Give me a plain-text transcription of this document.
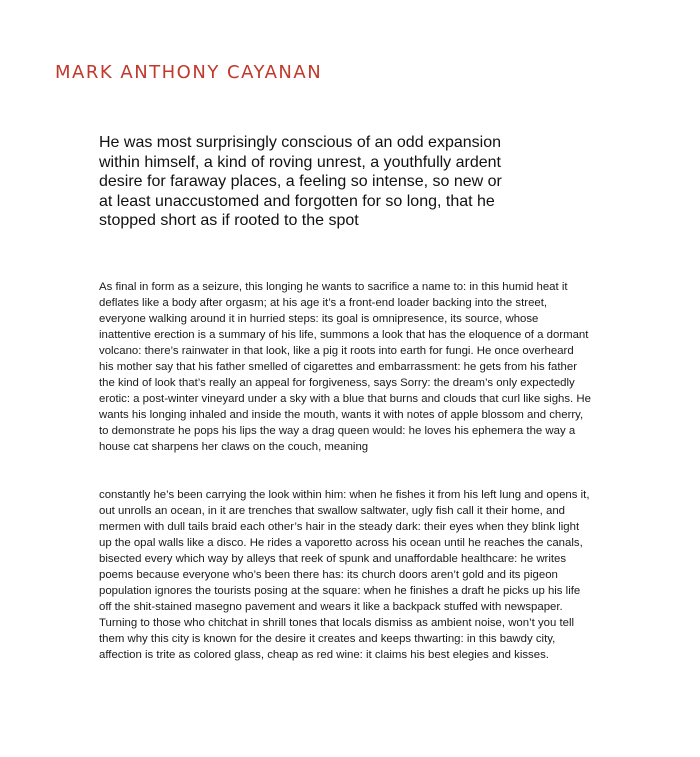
MARK ANTHONY CAYANAN
He was most surprisingly conscious of an odd expansion within himself, a kind of roving unrest, a youthfully ardent desire for faraway places, a feeling so intense, so new or at least unaccustomed and forgotten for so long, that he stopped short as if rooted to the spot
As final in form as a seizure, this longing he wants to sacrifice a name to: in this humid heat it deflates like a body after orgasm; at his age it’s a front-end loader backing into the street, everyone walking around it in hurried steps: its goal is omnipresence, its source, whose inattentive erection is a summary of his life, summons a look that has the eloquence of a dormant volcano: there’s rainwater in that look, like a pig it roots into earth for fungi. He once overheard his mother say that his father smelled of cigarettes and embarrassment: he gets from his father the kind of look that’s really an appeal for forgiveness, says Sorry: the dream’s only expectedly erotic: a post-winter vineyard under a sky with a blue that burns and clouds that curl like sighs. He wants his longing inhaled and inside the mouth, wants it with notes of apple blossom and cherry, to demonstrate he pops his lips the way a drag queen would: he loves his ephemera the way a house cat sharpens her claws on the couch, meaning
constantly he’s been carrying the look within him: when he fishes it from his left lung and opens it, out unrolls an ocean, in it are trenches that swallow saltwater, ugly fish call it their home, and mermen with dull tails braid each other’s hair in the steady dark: their eyes when they blink light up the opal walls like a disco. He rides a vaporetto across his ocean until he reaches the canals, bisected every which way by alleys that reek of spunk and unaffordable healthcare: he writes poems because everyone who’s been there has: its church doors aren’t gold and its pigeon population ignores the tourists posing at the square: when he finishes a draft he picks up his life off the shit-stained masegno pavement and wears it like a backpack stuffed with newspaper. Turning to those who chitchat in shrill tones that locals dismiss as ambient noise, won’t you tell them why this city is known for the desire it creates and keeps thwarting: in this bawdy city, affection is trite as colored glass, cheap as red wine: it claims his best elegies and kisses.
